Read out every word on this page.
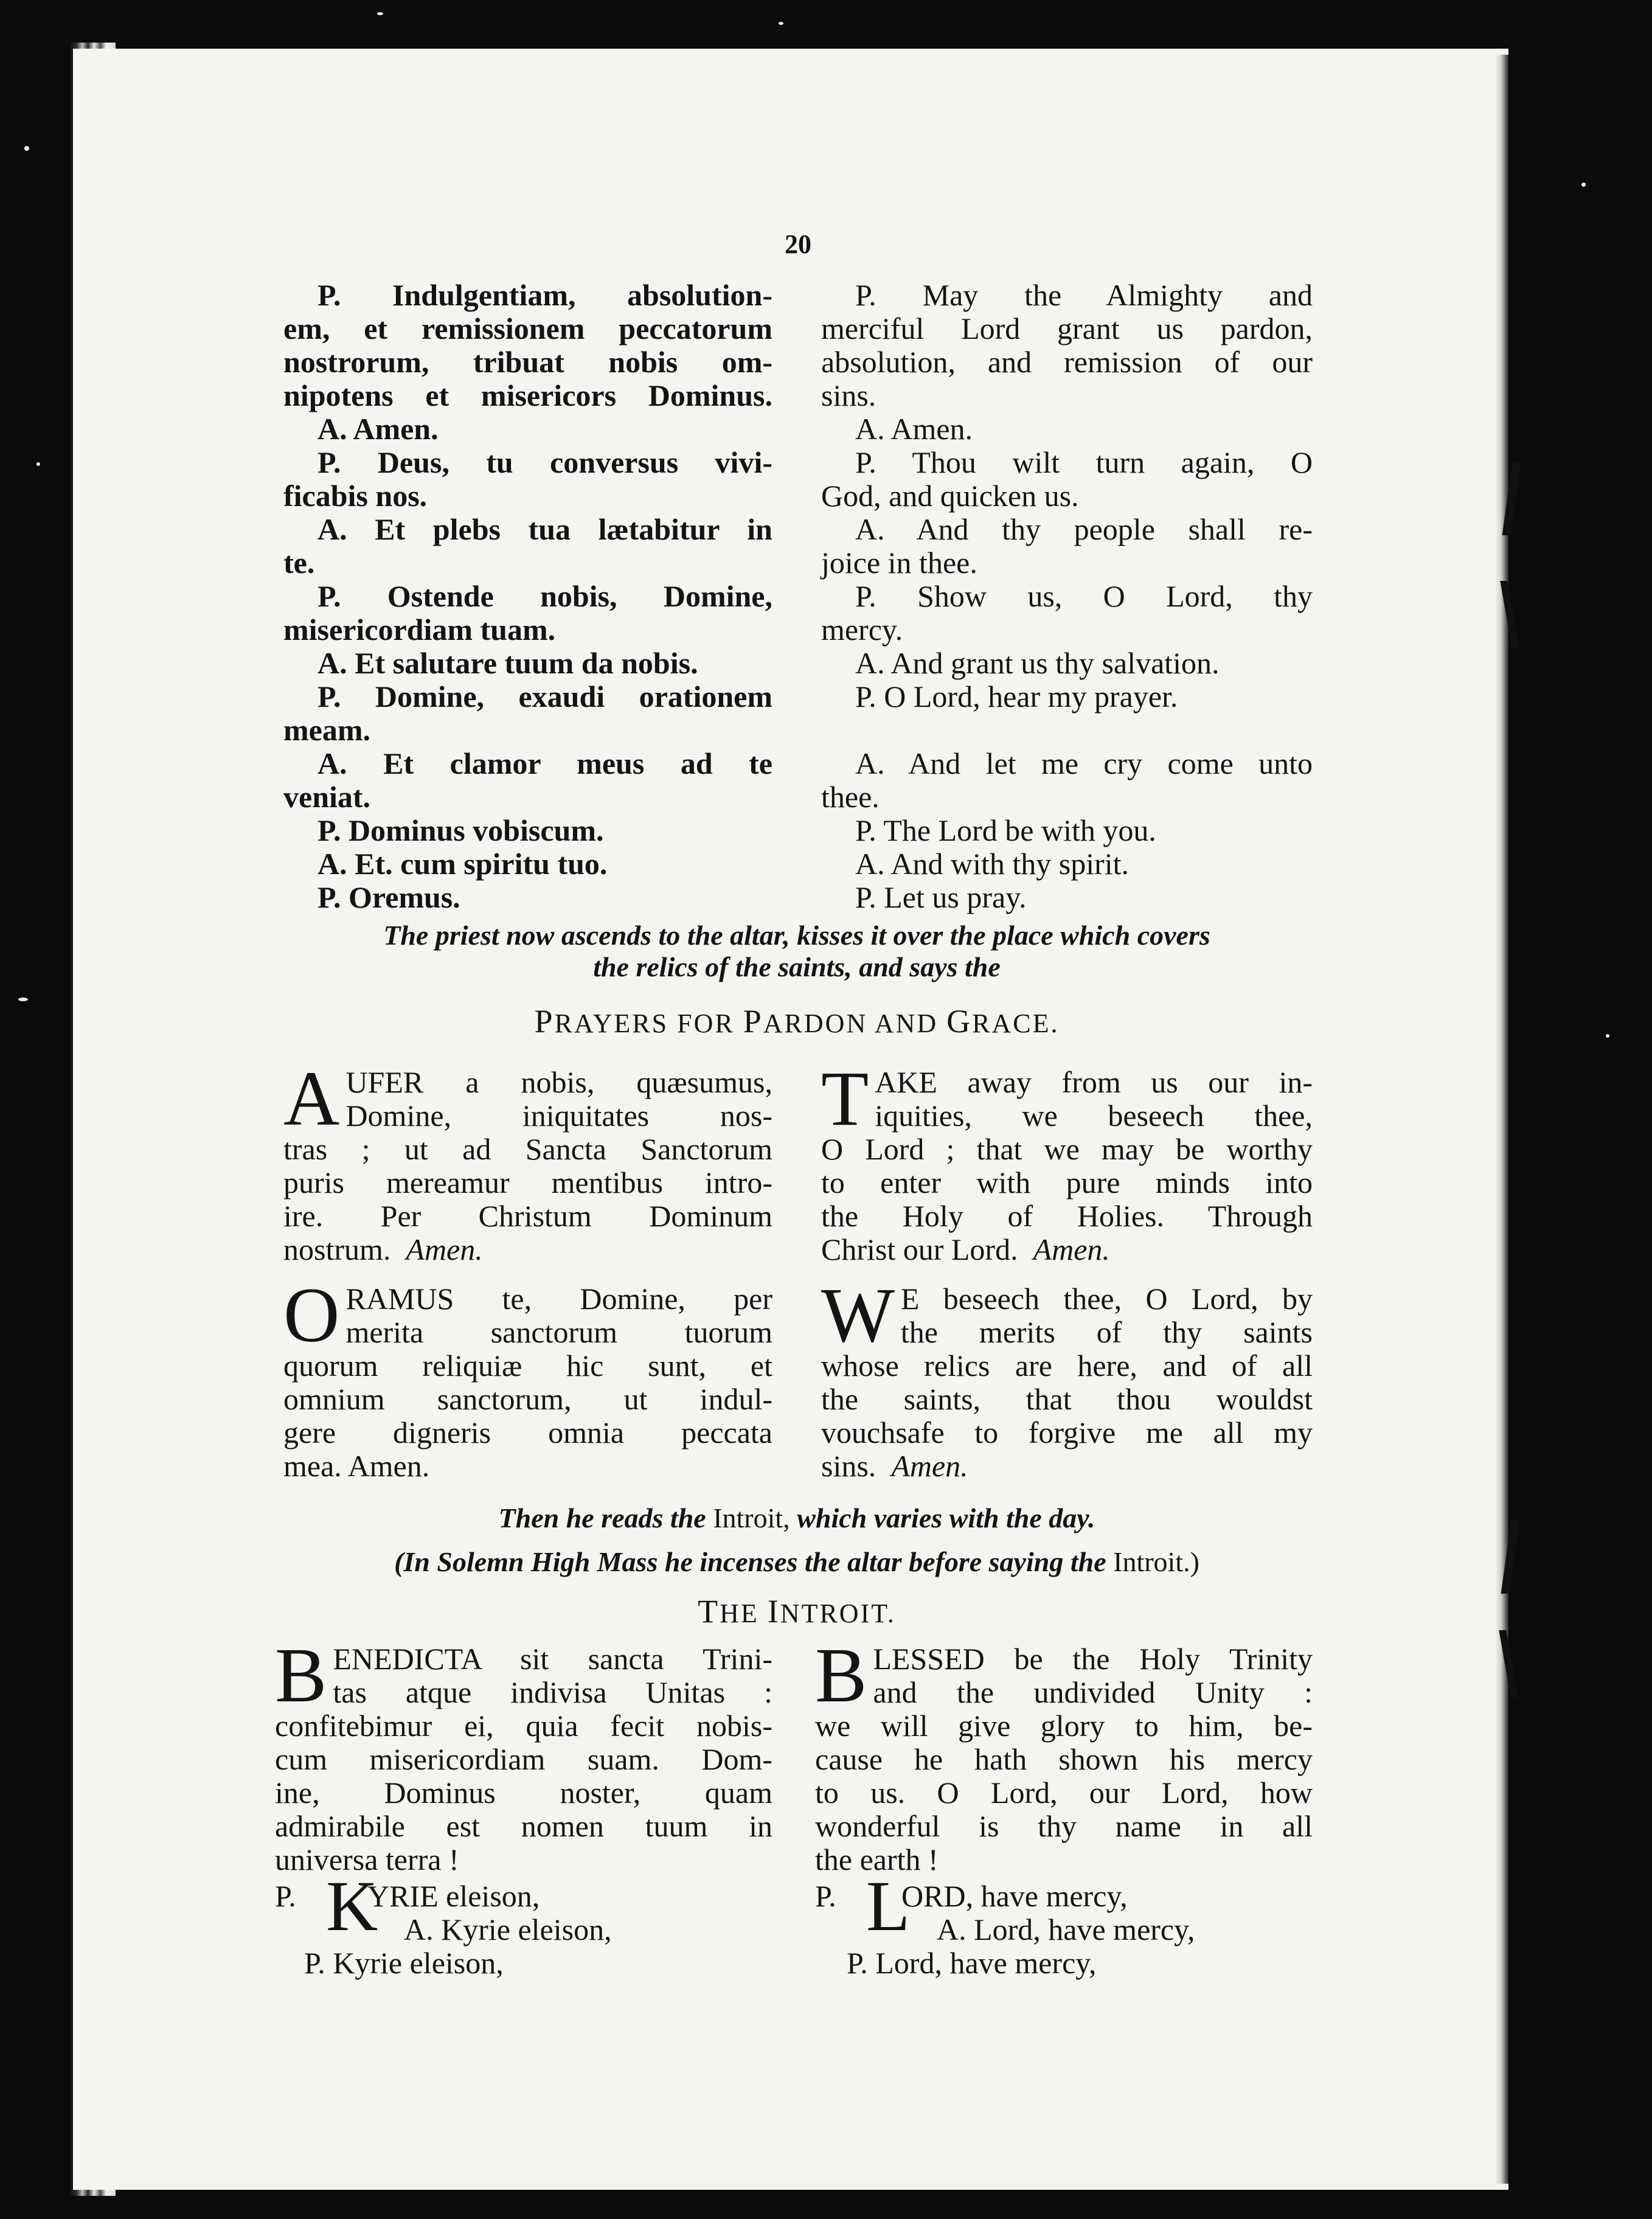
20

P. Indulgentiam, absolution-

em, et remissionem peccatorum

nostrorum, tribuat nobis om-

nipotens et misericors Dominus.

A. Amen.

P. Deus, tu conversus vivi-

ficabis nos.

A. Et plebs tua lætabitur in

te.

P. Ostende nobis, Domine,

misericordiam tuam.

A. Et salutare tuum da nobis.

P. Domine, exaudi orationem

meam.

A. Et clamor meus ad te

veniat.

P. Dominus vobiscum.

A. Et. cum spiritu tuo.

P. Oremus.

P. May the Almighty and

merciful Lord grant us pardon,

absolution, and remission of our

sins.

A. Amen.

P. Thou wilt turn again, O

God, and quicken us.

A. And thy people shall re-

joice in thee.

P. Show us, O Lord, thy

mercy.

A. And grant us thy salvation.

P. O Lord, hear my prayer.

A. And let me cry come unto

thee.

P. The Lord be with you.

A. And with thy spirit.

P. Let us pray.

The priest now ascends to the altar, kisses it over the place which covers
the relics of the saints, and says the
PRAYERS FOR PARDON AND GRACE.
A UFER a nobis, quæsumus,

Domine, iniquitates nos-

tras ; ut ad Sancta Sanctorum

puris mereamur mentibus intro-

ire. Per Christum Dominum

nostrum. Amen.

T AKE away from us our in-

iquities, we beseech thee,

O Lord ; that we may be worthy

to enter with pure minds into

the Holy of Holies. Through

Christ our Lord. Amen.

O RAMUS te, Domine, per

merita sanctorum tuorum

quorum reliquiæ hic sunt, et

omnium sanctorum, ut indul-

gere digneris omnia peccata

mea. Amen.

W E beseech thee, O Lord, by

the merits of thy saints

whose relics are here, and of all

the saints, that thou wouldst

vouchsafe to forgive me all my

sins. Amen.

Then he reads the Introit, which varies with the day.
(In Solemn High Mass he incenses the altar before saying the Introit.)
THE INTROIT.
B ENEDICTA sit sancta Trini-

tas atque indivisa Unitas :

confitebimur ei, quia fecit nobis-

cum misericordiam suam. Dom-

ine, Dominus noster, quam

admirabile est nomen tuum in

universa terra !

B LESSED be the Holy Trinity

and the undivided Unity :

we will give glory to him, be-

cause he hath shown his mercy

to us. O Lord, our Lord, how

wonderful is thy name in all

the earth !

P. K
YRIE eleison,

A. Kyrie eleison,

P. Kyrie eleison,

P. L
ORD, have mercy,

A. Lord, have mercy,

P. Lord, have mercy,
